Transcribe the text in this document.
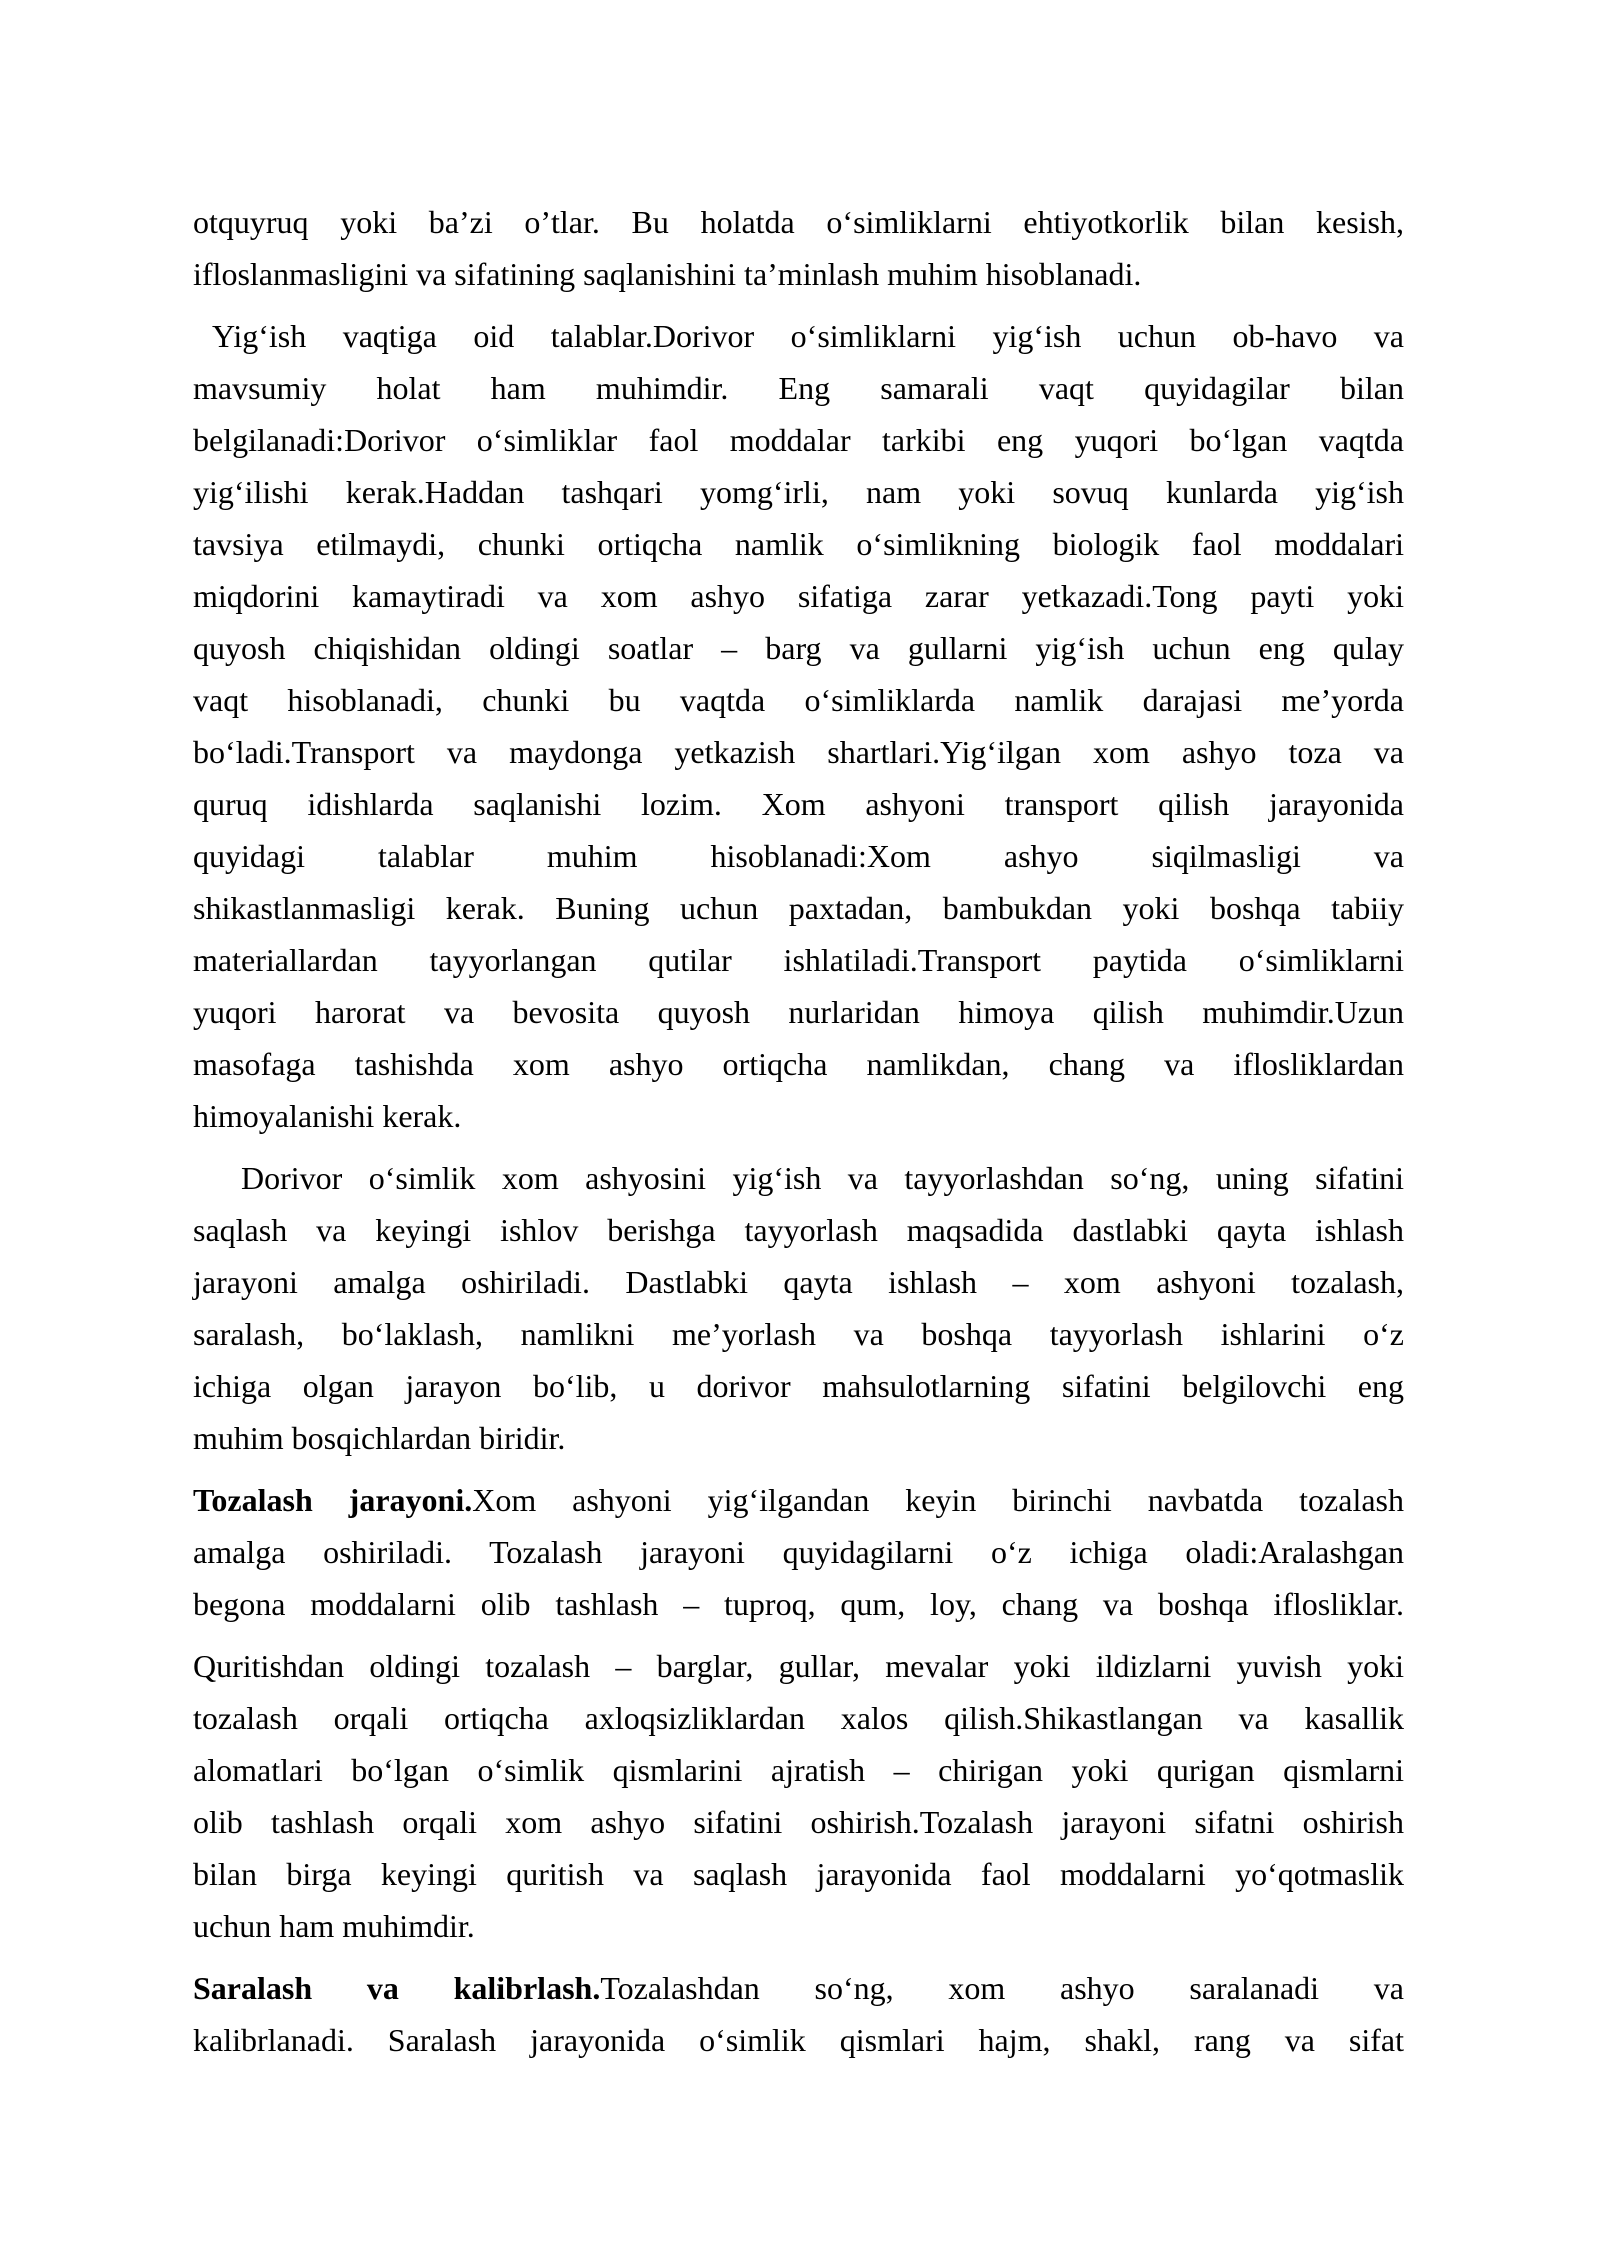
otquyruq yoki baʼzi oʼtlar. Bu holatda oʻsimliklarni ehtiyotkorlik bilan kesish,
ifloslanmasligini va sifatining saqlanishini taʼminlash muhim hisoblanadi.
Yigʻish vaqtiga oid talablar.Dorivor oʻsimliklarni yigʻish uchun ob-havo va
mavsumiy holat ham muhimdir. Eng samarali vaqt quyidagilar bilan
belgilanadi:Dorivor oʻsimliklar faol moddalar tarkibi eng yuqori boʻlgan vaqtda
yigʻilishi kerak.Haddan tashqari yomgʻirli, nam yoki sovuq kunlarda yigʻish
tavsiya etilmaydi, chunki ortiqcha namlik oʻsimlikning biologik faol moddalari
miqdorini kamaytiradi va xom ashyo sifatiga zarar yetkazadi.Tong payti yoki
quyosh chiqishidan oldingi soatlar – barg va gullarni yigʻish uchun eng qulay
vaqt hisoblanadi, chunki bu vaqtda oʻsimliklarda namlik darajasi meʼyorda
boʻladi.Transport va maydonga yetkazish shartlari.Yigʻilgan xom ashyo toza va
quruq idishlarda saqlanishi lozim. Xom ashyoni transport qilish jarayonida
quyidagi talablar muhim hisoblanadi:Xom ashyo siqilmasligi va
shikastlanmasligi kerak. Buning uchun paxtadan, bambukdan yoki boshqa tabiiy
materiallardan tayyorlangan qutilar ishlatiladi.Transport paytida oʻsimliklarni
yuqori harorat va bevosita quyosh nurlaridan himoya qilish muhimdir.Uzun
masofaga tashishda xom ashyo ortiqcha namlikdan, chang va iflosliklardan
himoyalanishi kerak.
Dorivor oʻsimlik xom ashyosini yigʻish va tayyorlashdan soʻng, uning sifatini
saqlash va keyingi ishlov berishga tayyorlash maqsadida dastlabki qayta ishlash
jarayoni amalga oshiriladi. Dastlabki qayta ishlash – xom ashyoni tozalash,
saralash, boʻlaklash, namlikni meʼyorlash va boshqa tayyorlash ishlarini oʻz
ichiga olgan jarayon boʻlib, u dorivor mahsulotlarning sifatini belgilovchi eng
muhim bosqichlardan biridir.
Tozalash jarayoni.Xom ashyoni yigʻilgandan keyin birinchi navbatda tozalash
amalga oshiriladi. Tozalash jarayoni quyidagilarni oʻz ichiga oladi:Aralashgan
begona moddalarni olib tashlash – tuproq, qum, loy, chang va boshqa iflosliklar.
Quritishdan oldingi tozalash – barglar, gullar, mevalar yoki ildizlarni yuvish yoki
tozalash orqali ortiqcha axloqsizliklardan xalos qilish.Shikastlangan va kasallik
alomatlari boʻlgan oʻsimlik qismlarini ajratish – chirigan yoki qurigan qismlarni
olib tashlash orqali xom ashyo sifatini oshirish.Tozalash jarayoni sifatni oshirish
bilan birga keyingi quritish va saqlash jarayonida faol moddalarni yoʻqotmaslik
uchun ham muhimdir.
Saralash va kalibrlash.Tozalashdan soʻng, xom ashyo saralanadi va
kalibrlanadi. Saralash jarayonida oʻsimlik qismlari hajm, shakl, rang va sifat
